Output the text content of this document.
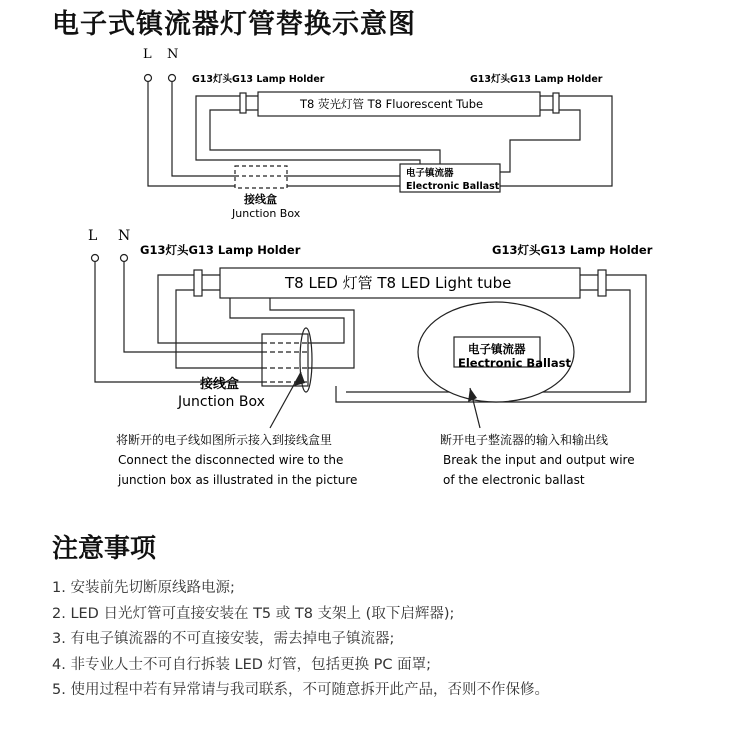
电子式镇流器灯管替换示意图
L N
G13灯头G13 Lamp Holder	G13灯头G13 Lamp Holder
T8 荧光灯管 T8 Fluorescent Tube
电子镇流器
Electronic Ballast
接线盒
Junction Box
L N
G13灯头G13 Lamp Holder	G13灯头G13 Lamp Holder
T8 LED 灯管 T8 LED Light tube
电子镇流器
Electronic Ballast
接线盒
Junction Box
将断开的电子线如图所示接入到接线盒里
Connect the disconnected wire to the
junction box as illustrated in the picture
断开电子整流器的输入和输出线
Break the input and output wire
of the electronic ballast
注意事项
1. 安装前先切断原线路电源;
2. LED 日光灯管可直接安装在 T5 或 T8 支架上 (取下启辉器);
3. 有电子镇流器的不可直接安装，需去掉电子镇流器;
4. 非专业人士不可自行拆装 LED 灯管，包括更换 PC 面罩;
5. 使用过程中若有异常请与我司联系，不可随意拆开此产品，否则不作保修。
